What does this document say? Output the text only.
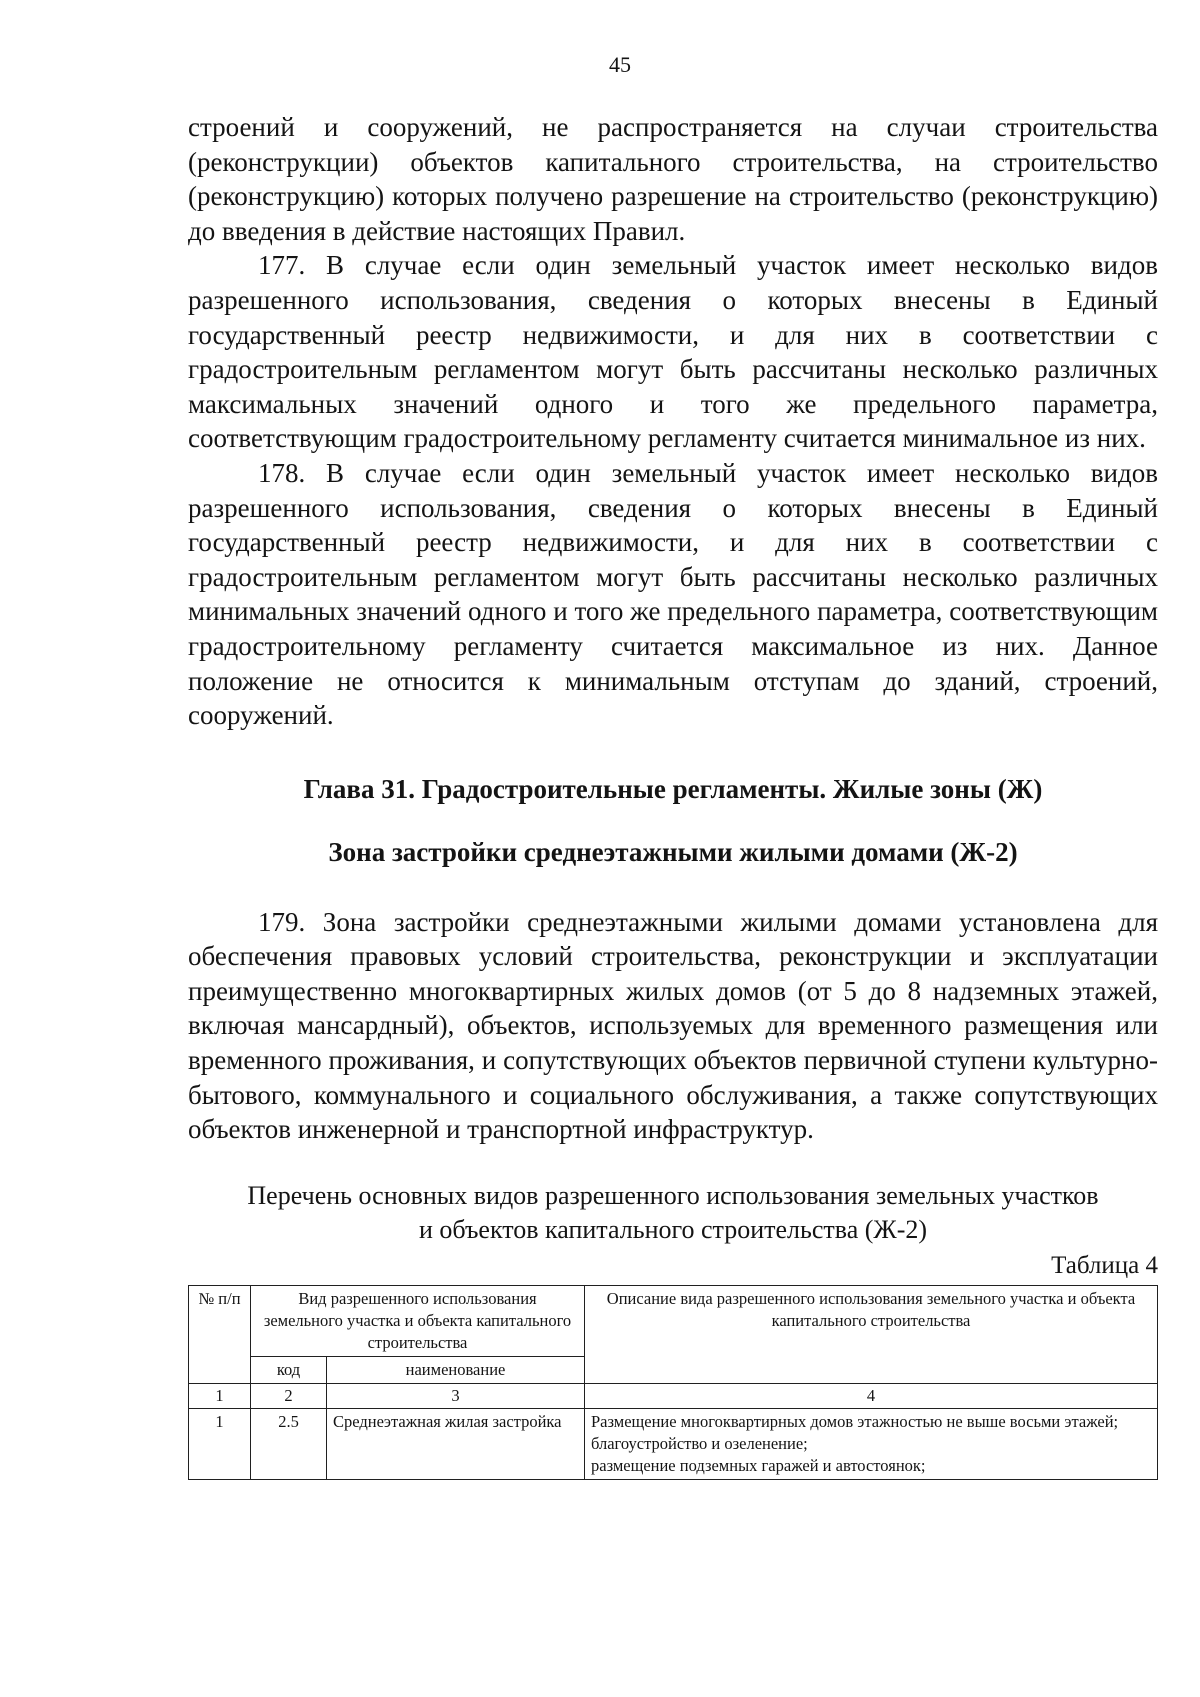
45

строений и сооружений, не распространяется на случаи строительства (реконструкции) объектов капитального строительства, на строительство (реконструкцию) которых получено разрешение на строительство (реконструкцию) до введения в действие настоящих Правил.

177. В случае если один земельный участок имеет несколько видов разрешенного использования, сведения о которых внесены в Единый государственный реестр недвижимости, и для них в соответствии с градостроительным регламентом могут быть рассчитаны несколько различных максимальных значений одного и того же предельного параметра, соответствующим градостроительному регламенту считается минимальное из них.

178. В случае если один земельный участок имеет несколько видов разрешенного использования, сведения о которых внесены в Единый государственный реестр недвижимости, и для них в соответствии с градостроительным регламентом могут быть рассчитаны несколько различных минимальных значений одного и того же предельного параметра, соответствующим градостроительному регламенту считается максимальное из них. Данное положение не относится к минимальным отступам до зданий, строений, сооружений.

Глава 31. Градостроительные регламенты. Жилые зоны (Ж)
Зона застройки среднеэтажными жилыми домами (Ж-2)

179. Зона застройки среднеэтажными жилыми домами установлена для обеспечения правовых условий строительства, реконструкции и эксплуатации преимущественно многоквартирных жилых домов (от 5 до 8 надземных этажей, включая мансардный), объектов, используемых для временного размещения или временного проживания, и сопутствующих объектов первичной ступени культурно-бытового, коммунального и социального обслуживания, а также сопутствующих объектов инженерной и транспортной инфраструктур.

Перечень основных видов разрешенного использования земельных участков
и объектов капитального строительства (Ж-2)
Таблица 4
№ п/п	Вид разрешенного использования земельного участка и объекта капитального строительства		Описание вида разрешенного использования земельного участка и объекта капитального строительства
	код	наименование	
1	2	3	4
1	2.5	Среднеэтажная жилая застройка	Размещение многоквартирных домов этажностью не выше восьми этажей;
благоустройство и озеленение;
размещение подземных гаражей и автостоянок;
